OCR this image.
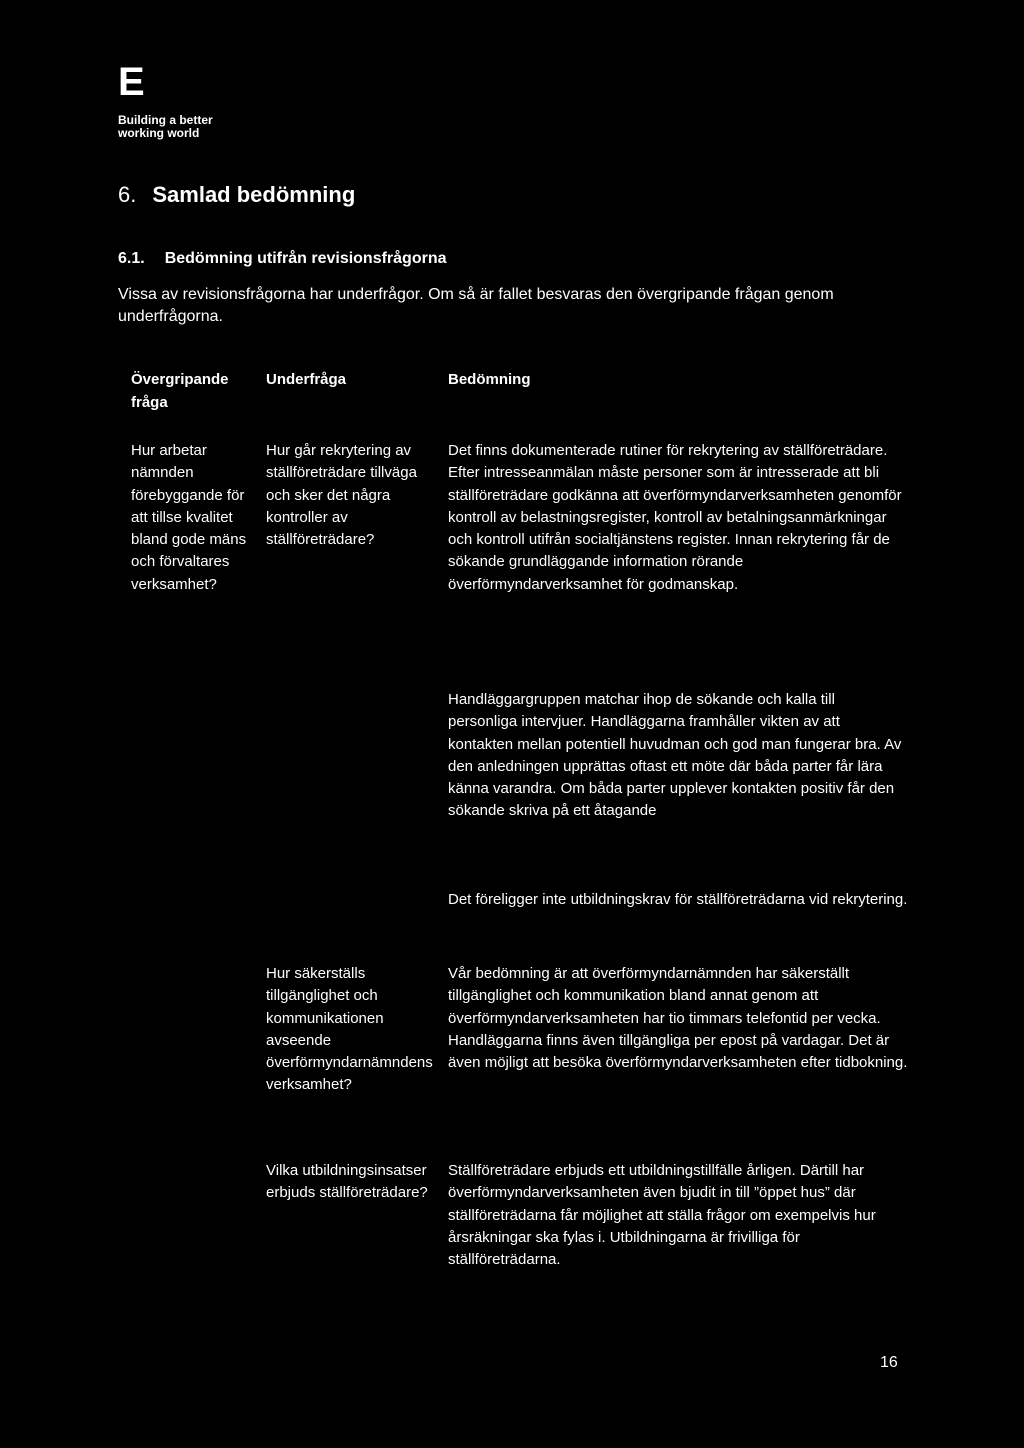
E
Building a better
working world
6. Samlad bedömning
6.1. Bedömning utifrån revisionsfrågorna
Vissa av revisionsfrågorna har underfrågor. Om så är fallet besvaras den övergripande frågan genom underfrågorna.
Övergripande fråga
Underfråga	Bedömning
Hur arbetar nämnden förebyggande för att tillse kvalitet bland gode mäns och förvaltares verksamhet?
Hur går rekrytering av ställföreträdare tillväga och sker det några kontroller av ställföreträdare?
Det finns dokumenterade rutiner för rekrytering av ställföreträdare. Efter intresseanmälan måste personer som är intresserade att bli ställföreträdare godkänna att överförmyndarverksamheten genomför kontroll av belastningsregister, kontroll av betalningsanmärkningar och kontroll utifrån socialtjänstens register. Innan rekrytering får de sökande grundläggande information rörande överförmyndarverksamhet för godmanskap.
Handläggargruppen matchar ihop de sökande och kalla till personliga intervjuer. Handläggarna framhåller vikten av att kontakten mellan potentiell huvudman och god man fungerar bra. Av den anledningen upprättas oftast ett möte där båda parter får lära känna varandra. Om båda parter upplever kontakten positiv får den sökande skriva på ett åtagande
Det föreligger inte utbildningskrav för ställföreträdarna vid rekrytering.
Hur säkerställs tillgänglighet och kommunikationen avseende överförmyndarnämndens verksamhet?
Vår bedömning är att överförmyndarnämnden har säkerställt tillgänglighet och kommunikation bland annat genom att överförmyndarverksamheten har tio timmars telefontid per vecka. Handläggarna finns även tillgängliga per epost på vardagar. Det är även möjligt att besöka överförmyndarverksamheten efter tidbokning.
Vilka utbildningsinsatser erbjuds ställföreträdare?
Ställföreträdare erbjuds ett utbildningstillfälle årligen. Därtill har överförmyndarverksamheten även bjudit in till ”öppet hus” där ställföreträdarna får möjlighet att ställa frågor om exempelvis hur årsräkningar ska fylas i. Utbildningarna är frivilliga för ställföreträdarna.
16
